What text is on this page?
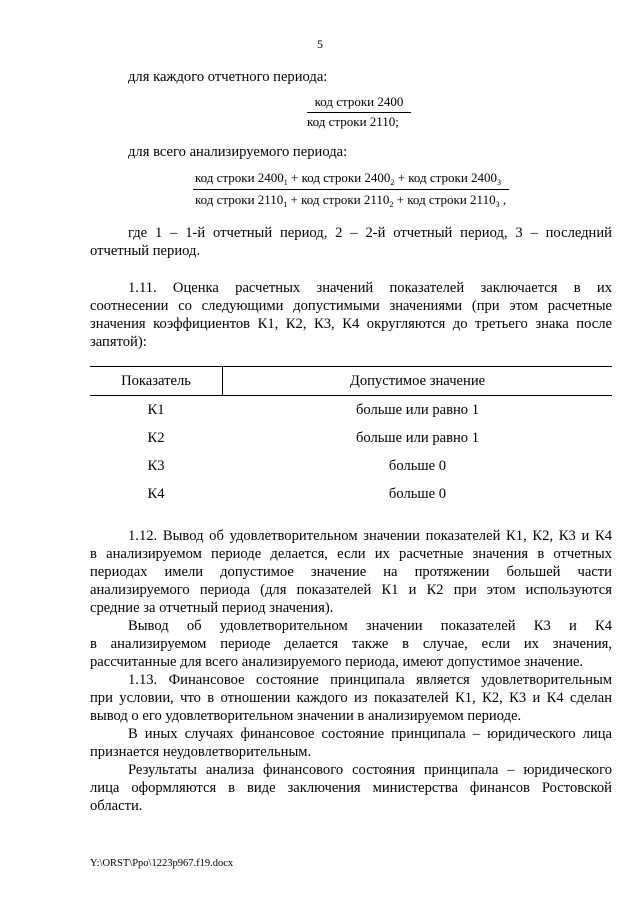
5
для каждого отчетного периода:
код строки 2400
код строки 2110;
для всего анализируемого периода:
код строки $2400_1$ + код строки $2400_2$ + код строки $2400_3$
код строки $2110_1$ + код строки $2110_2$ + код строки $2110_3$ ,
где 1 – 1-й отчетный период, 2 – 2-й отчетный период, 3 – последний
отчетный период.
1.11. Оценка расчетных значений показателей заключается в их
соотнесении со следующими допустимыми значениями (при этом расчетные
значения коэффициентов К1, К2, К3, К4 округляются до третьего знака после
запятой):
Показатель	Допустимое значение
К1	больше или равно 1
К2	больше или равно 1
К3	больше 0
К4	больше 0
1.12. Вывод об удовлетворительном значении показателей К1, К2, К3 и К4
в анализируемом периоде делается, если их расчетные значения в отчетных
периодах имели допустимое значение на протяжении большей части
анализируемого периода (для показателей К1 и К2 при этом используются
средние за отчетный период значения).
Вывод об удовлетворительном значении показателей К3 и К4
в анализируемом периоде делается также в случае, если их значения,
рассчитанные для всего анализируемого периода, имеют допустимое значение.
1.13. Финансовое состояние принципала является удовлетворительным
при условии, что в отношении каждого из показателей К1, К2, К3 и К4 сделан
вывод о его удовлетворительном значении в анализируемом периоде.
В иных случаях финансовое состояние принципала – юридического лица
признается неудовлетворительным.
Результаты анализа финансового состояния принципала – юридического
лица оформляются в виде заключения министерства финансов Ростовской
области.
Y:\ORST\Ppo\1223p967.f19.docx
